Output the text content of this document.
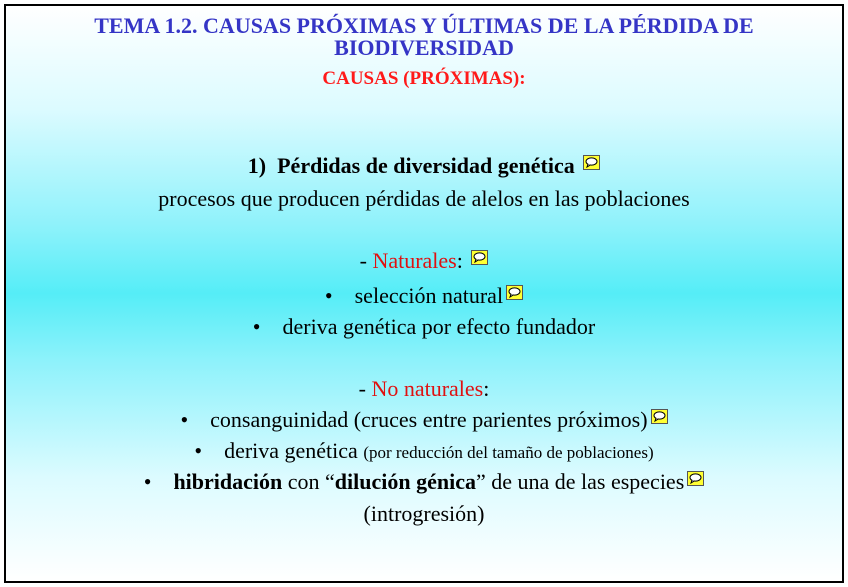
TEMA 1.2. CAUSAS PRÓXIMAS Y ÚLTIMAS DE LA PÉRDIDA DE
BIODIVERSIDAD
CAUSAS (PRÓXIMAS):
1) Pérdidas de diversidad genética
procesos que producen pérdidas de alelos en las poblaciones
- Naturales:
• selección natural
• deriva genética por efecto fundador
- No naturales:
• consanguinidad (cruces entre parientes próximos)
• deriva genética (por reducción del tamaño de poblaciones)
• hibridación con “dilución génica” de una de las especies
(introgresión)
